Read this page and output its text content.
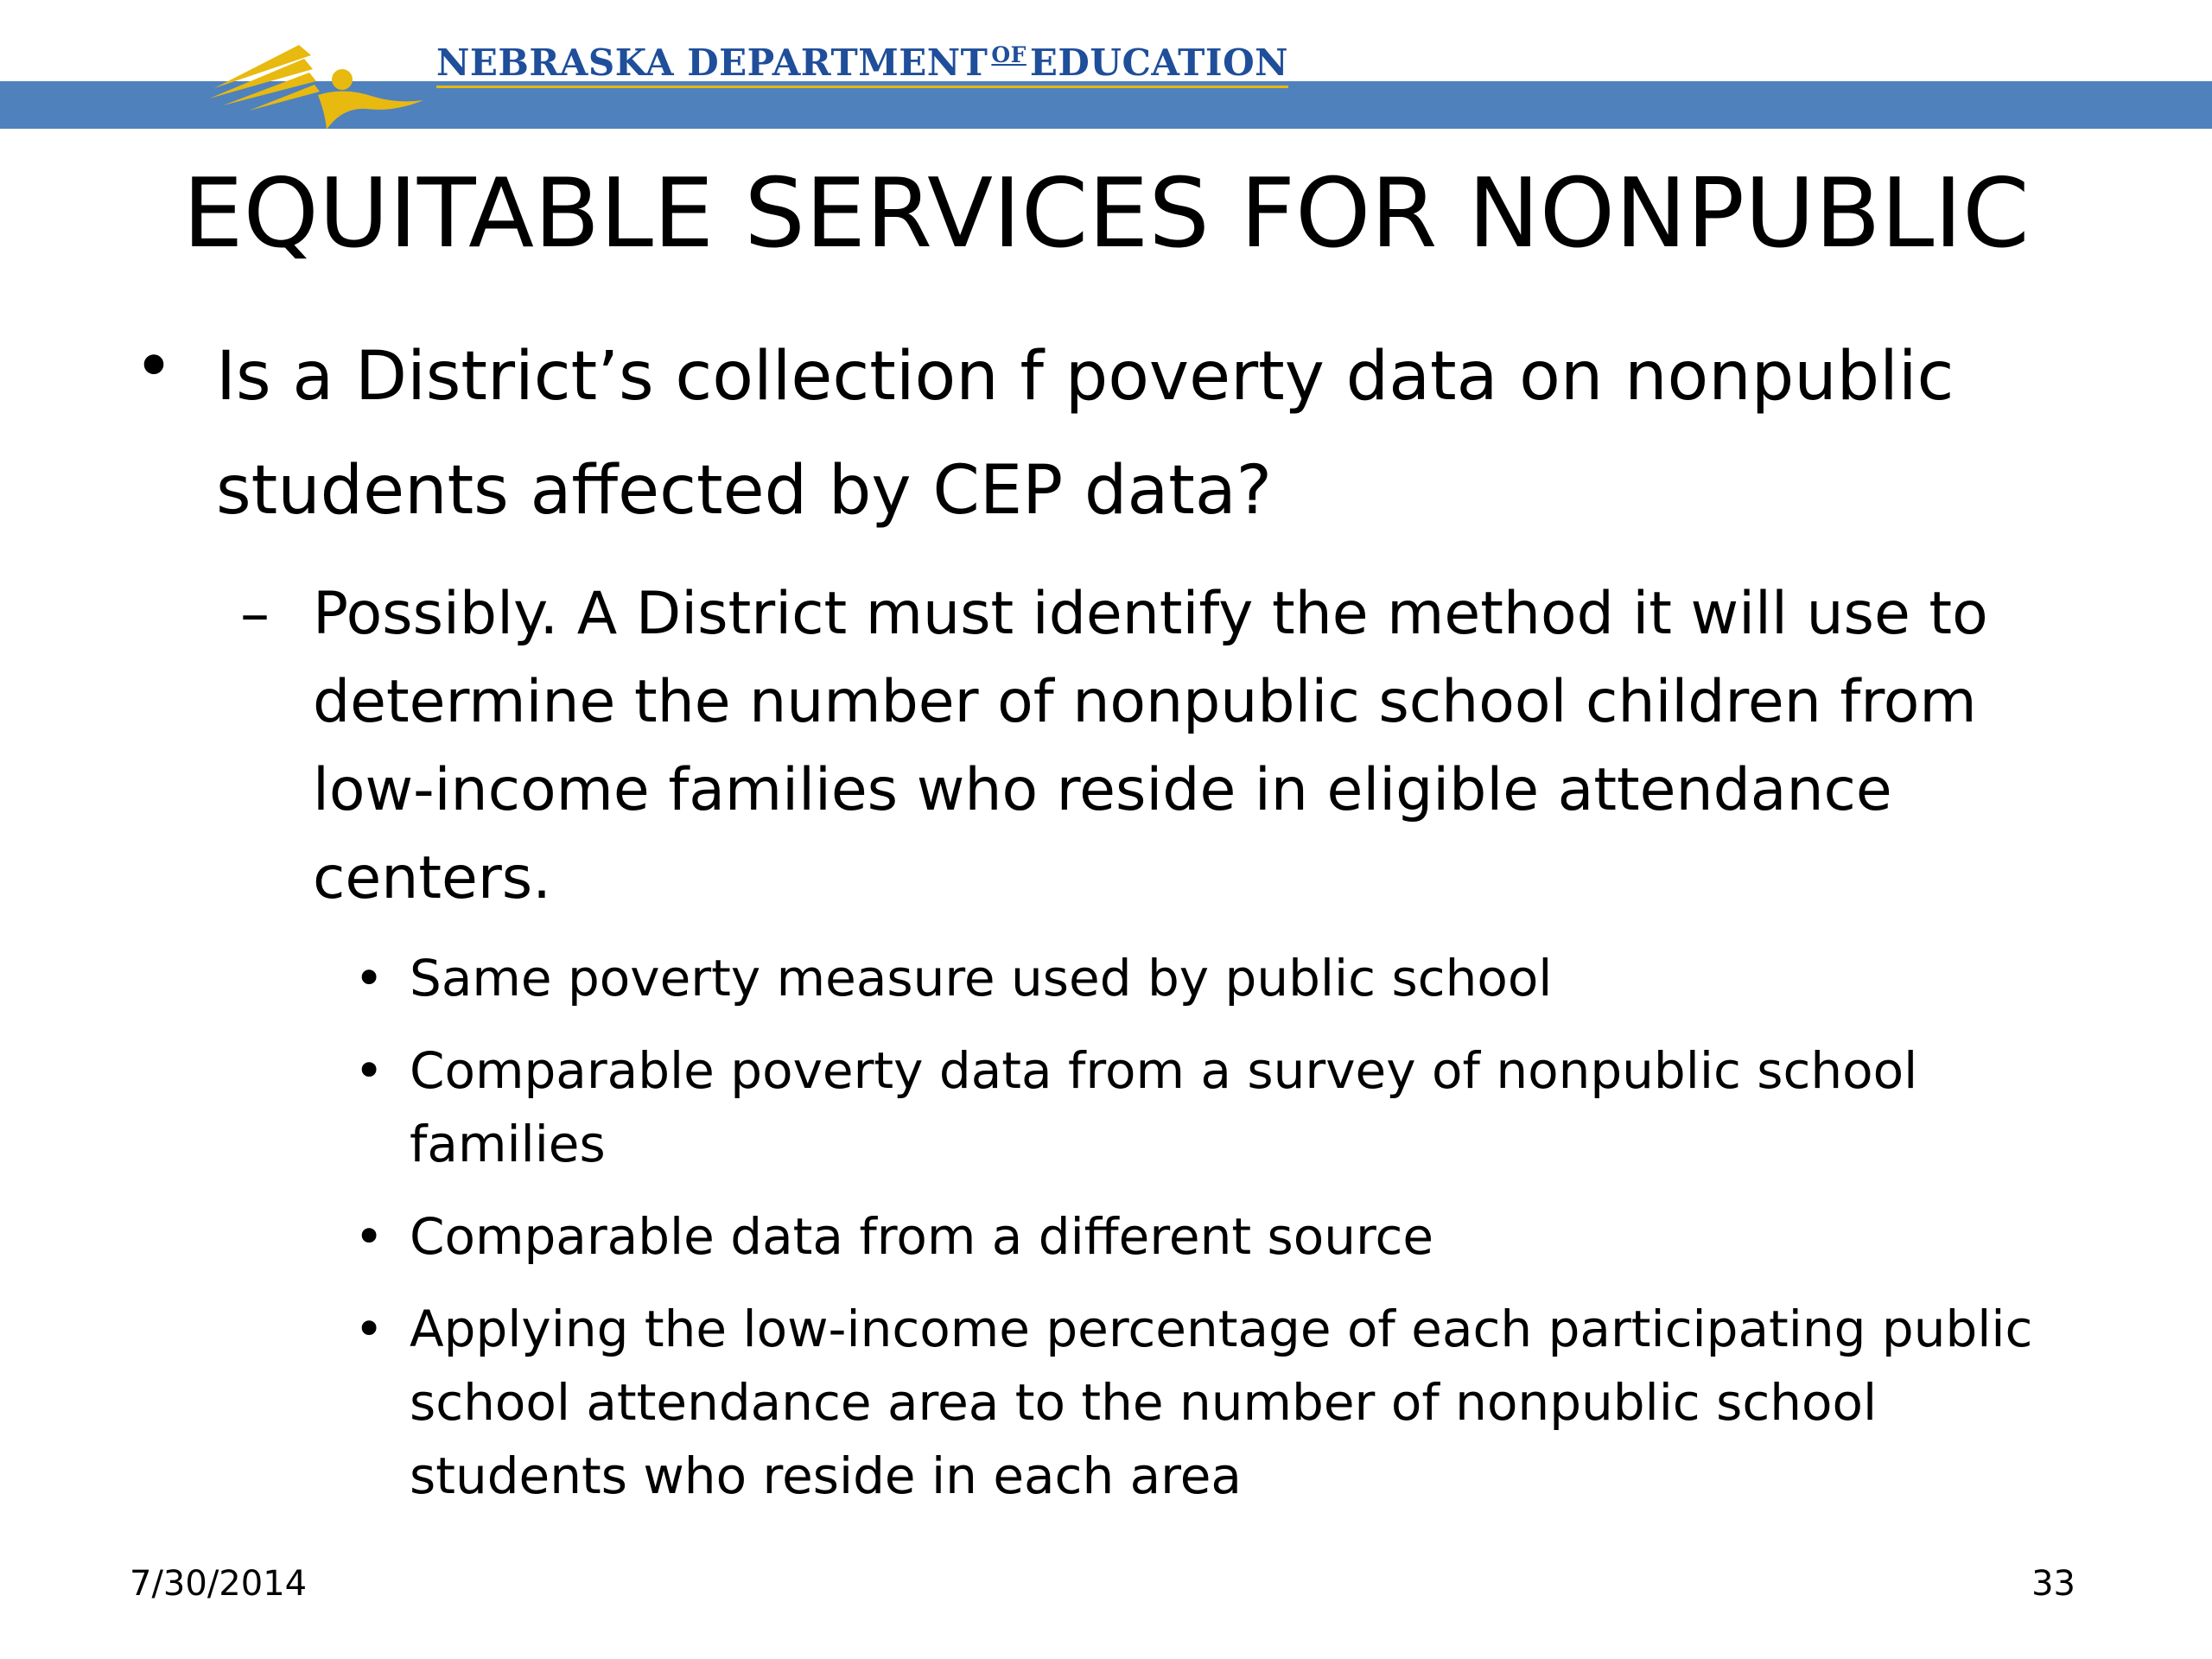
NEBRASKA DEPARTMENT $^{OF}$EDUCATION
EQUITABLE SERVICES FOR NONPUBLIC
• Is a District’s collection f poverty data on nonpublic students affected by CEP data?

– Possibly. A District must identify the method it will use to determine the number of nonpublic school children from low-income families who reside in eligible attendance centers.

• Same poverty measure used by public school
• Comparable poverty data from a survey of nonpublic school families
• Comparable data from a different source
• Applying the low-income percentage of each participating public school attendance area to the number of nonpublic school students who reside in each area
7/30/2014	33
